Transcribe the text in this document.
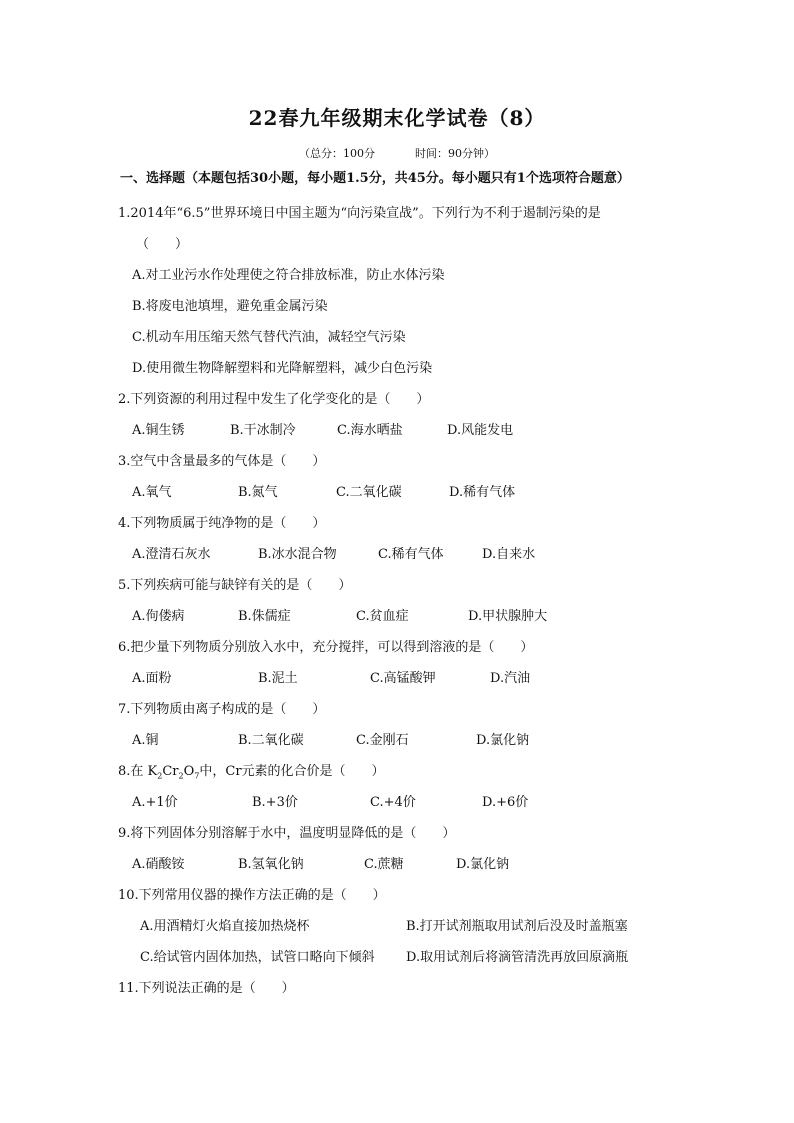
22春九年级期末化学试卷（8）
（总分：100分	时间：90分钟）
一、选择题（本题包括30小题，每小题1.5分，共45分。每小题只有1个选项符合题意）
1.2014年“6.5”世界环境日中国主题为“向污染宣战”。下列行为不利于遏制污染的是
（　　）
A.对工业污水作处理使之符合排放标准，防止水体污染
B.将废电池填埋，避免重金属污染
C.机动车用压缩天然气替代汽油，减轻空气污染
D.使用微生物降解塑料和光降解塑料，减少白色污染
2.下列资源的利用过程中发生了化学变化的是（　　）
A.铜生锈	B.干冰制冷	C.海水晒盐	D.风能发电
3.空气中含量最多的气体是（　　）
A.氧气	B.氮气	C.二氧化碳	D.稀有气体
4.下列物质属于纯净物的是（　　）
A.澄清石灰水	B.冰水混合物	C.稀有气体	D.自来水
5.下列疾病可能与缺锌有关的是（　　）
A.佝偻病	B.侏儒症	C.贫血症	D.甲状腺肿大
6.把少量下列物质分别放入水中，充分搅拌，可以得到溶液的是（　　）
A.面粉	B.泥土	C.高锰酸钾	D.汽油
7.下列物质由离子构成的是（　　）
A.铜	B.二氧化碳	C.金刚石	D.氯化钠
8.在 $K_2Cr_2O_7$中，Cr元素的化合价是（　　）
A.+1价	B.+3价	C.+4价	D.+6价
9.将下列固体分别溶解于水中，温度明显降低的是（　　）
A.硝酸铵	B.氢氧化钠	C.蔗糖	D.氯化钠
10.下列常用仪器的操作方法正确的是（　　）
A.用酒精灯火焰直接加热烧杯	B.打开试剂瓶取用试剂后没及时盖瓶塞
C.给试管内固体加热，试管口略向下倾斜 D.取用试剂后将滴管清洗再放回原滴瓶
11.下列说法正确的是（　　）
